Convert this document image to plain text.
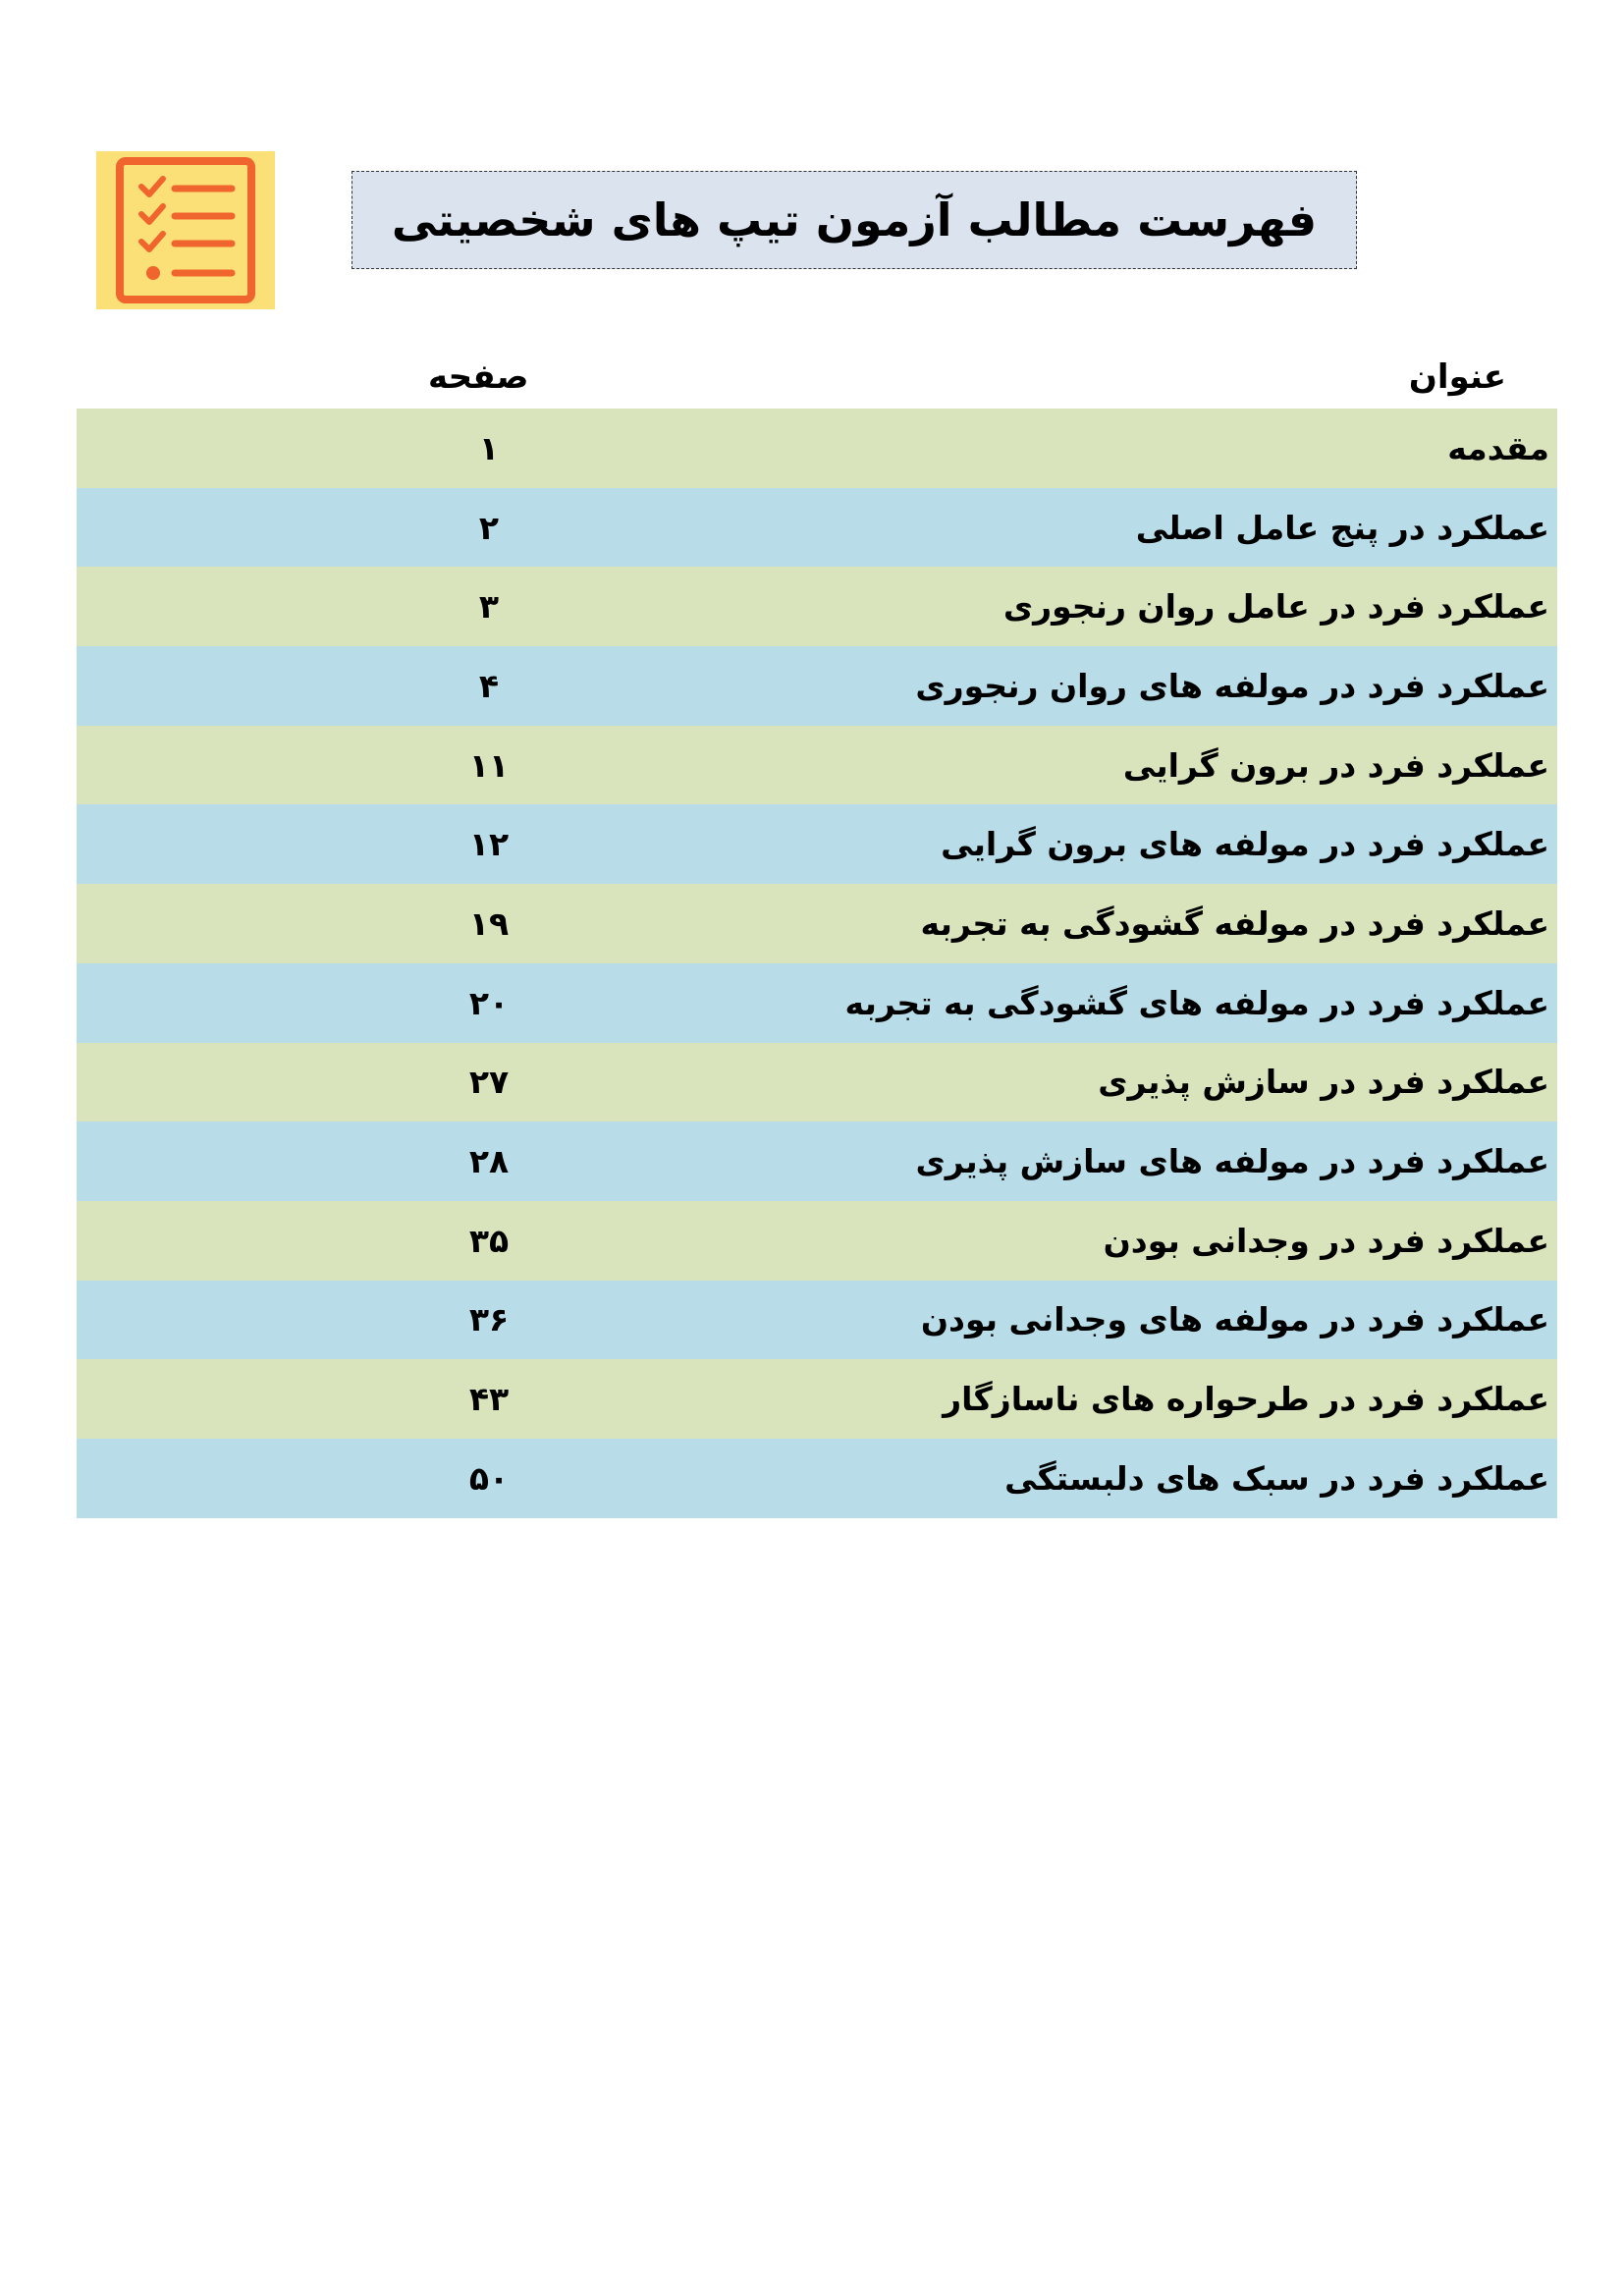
فهرست مطالب آزمون تیپ های شخصیتی
عنوان
صفحه
مقدمه
۱
عملکرد در پنج عامل اصلی
۲
عملکرد فرد در عامل روان رنجوری
۳
عملکرد فرد در مولفه های روان رنجوری
۴
عملکرد فرد در برون گرایی
۱۱
عملکرد فرد در مولفه های برون گرایی
۱۲
عملکرد فرد در مولفه گشودگی به تجربه
۱۹
عملکرد فرد در مولفه های گشودگی به تجربه
۲۰
عملکرد فرد در سازش پذیری
۲۷
عملکرد فرد در مولفه های سازش پذیری
۲۸
عملکرد فرد در وجدانی بودن
۳۵
عملکرد فرد در مولفه های وجدانی بودن
۳۶
عملکرد فرد در طرحواره های ناسازگار
۴۳
عملکرد فرد در سبک های دلبستگی
۵۰
